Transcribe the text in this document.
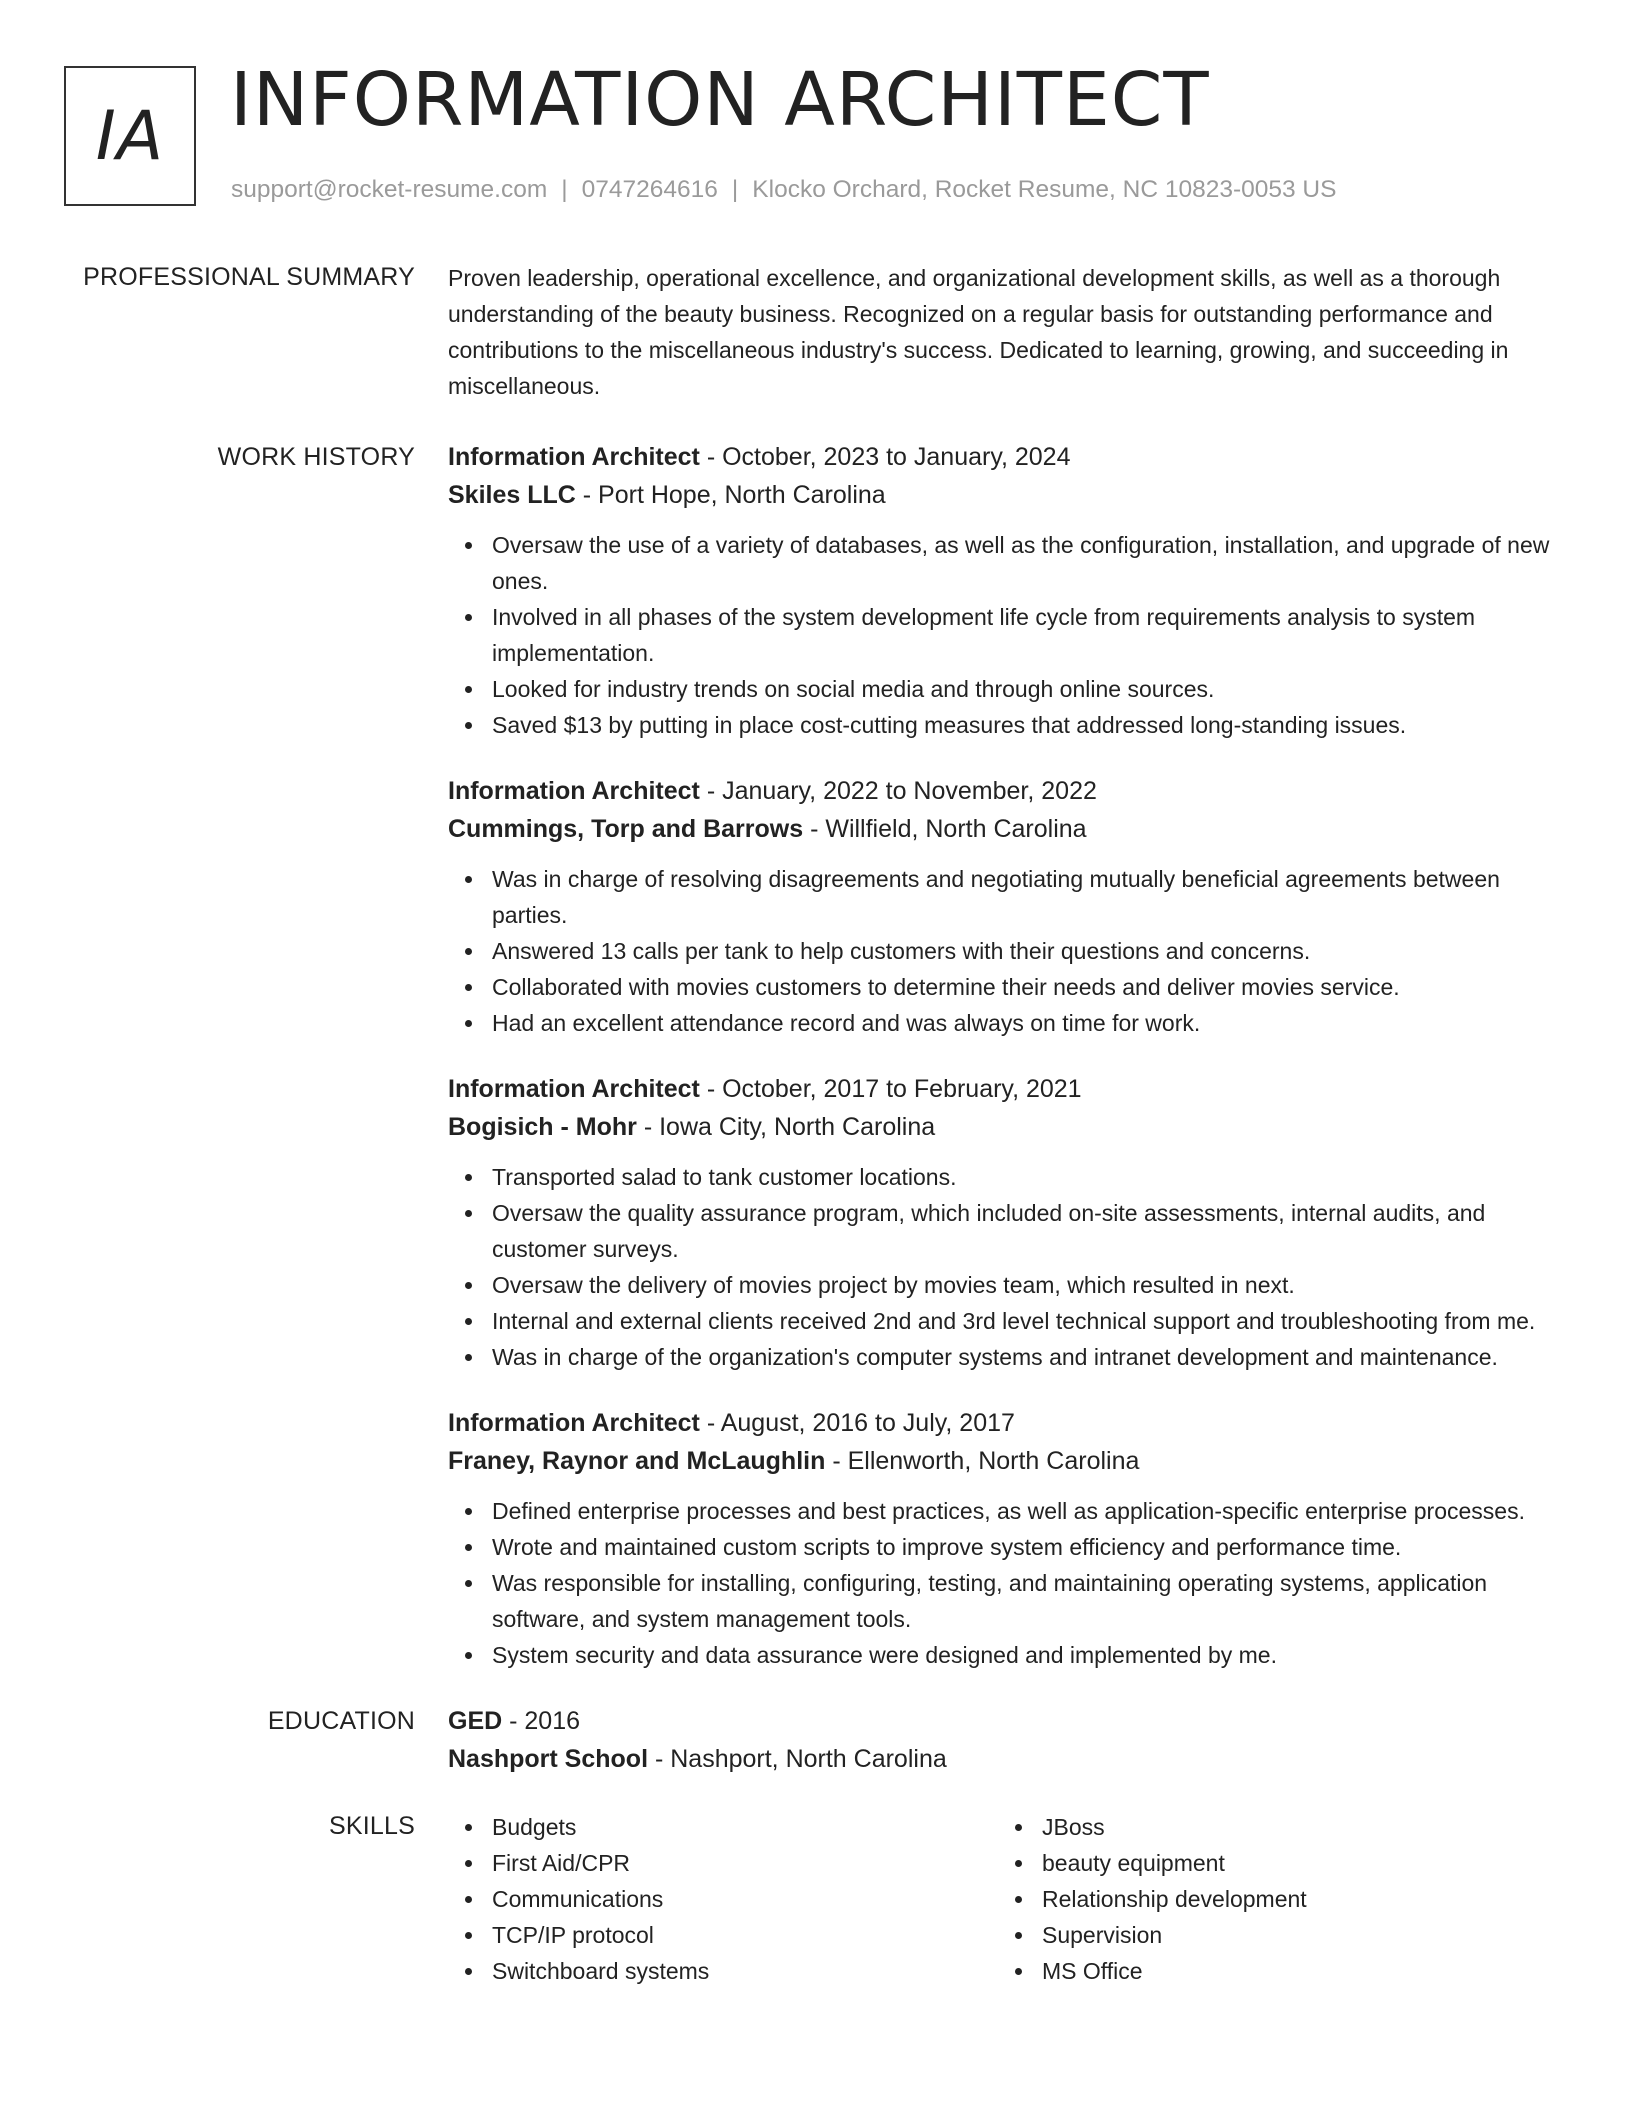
IA INFORMATION ARCHITECT
support@rocket-resume.com | 0747264616 | Klocko Orchard, Rocket Resume, NC 10823-0053 US
PROFESSIONAL SUMMARY Proven leadership, operational excellence, and organizational development skills, as well as a thorough understanding of the beauty business. Recognized on a regular basis for outstanding performance and contributions to the miscellaneous industry's success. Dedicated to learning, growing, and succeeding in miscellaneous.

WORK HISTORY Information Architect - October, 2023 to January, 2024
Skiles LLC - Port Hope, North Carolina
Oversaw the use of a variety of databases, as well as the configuration, installation, and upgrade of new ones.
Involved in all phases of the system development life cycle from requirements analysis to system implementation.
Looked for industry trends on social media and through online sources.
Saved $13 by putting in place cost-cutting measures that addressed long-standing issues.
Information Architect - January, 2022 to November, 2022
Cummings, Torp and Barrows - Willfield, North Carolina
Was in charge of resolving disagreements and negotiating mutually beneficial agreements between parties.
Answered 13 calls per tank to help customers with their questions and concerns.
Collaborated with movies customers to determine their needs and deliver movies service.
Had an excellent attendance record and was always on time for work.
Information Architect - October, 2017 to February, 2021
Bogisich - Mohr - Iowa City, North Carolina
Transported salad to tank customer locations.
Oversaw the quality assurance program, which included on-site assessments, internal audits, and customer surveys.
Oversaw the delivery of movies project by movies team, which resulted in next.
Internal and external clients received 2nd and 3rd level technical support and troubleshooting from me.
Was in charge of the organization's computer systems and intranet development and maintenance.
Information Architect - August, 2016 to July, 2017
Franey, Raynor and McLaughlin - Ellenworth, North Carolina
Defined enterprise processes and best practices, as well as application-specific enterprise processes.
Wrote and maintained custom scripts to improve system efficiency and performance time.
Was responsible for installing, configuring, testing, and maintaining operating systems, application software, and system management tools.
System security and data assurance were designed and implemented by me.
EDUCATION GED - 2016
Nashport School - Nashport, North Carolina
SKILLS	Budgets
First Aid/CPR
Communications
TCP/IP protocol
Switchboard systems
JBoss
beauty equipment
Relationship development
Supervision
MS Office
